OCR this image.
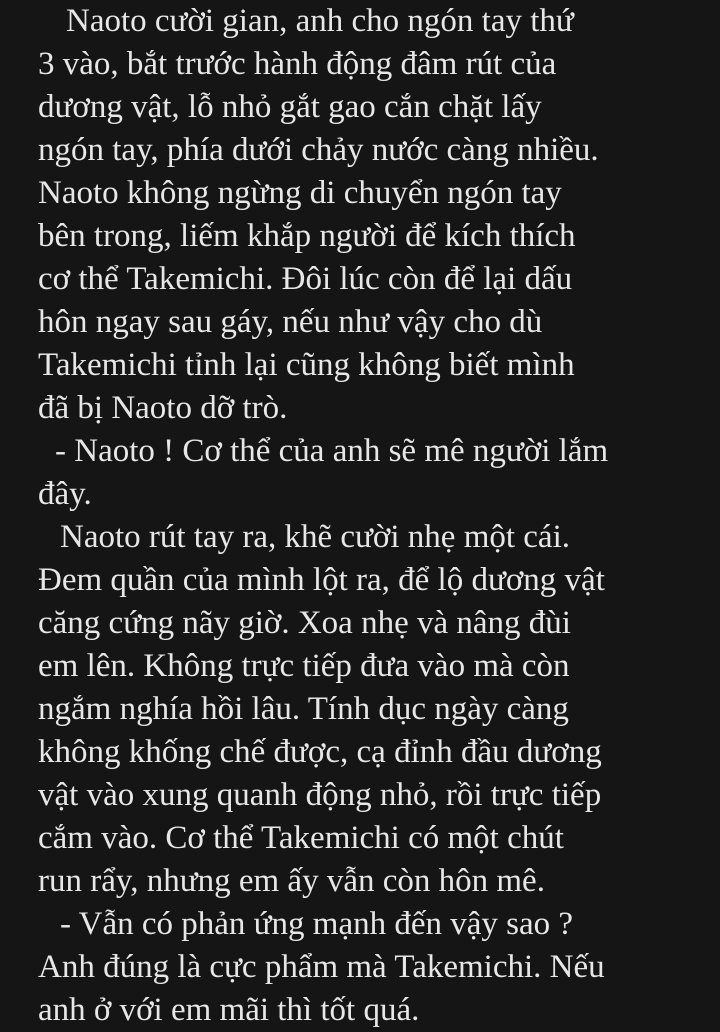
Naoto cười gian, anh cho ngón tay thứ
3 vào, bắt trước hành động đâm rút của
dương vật, lỗ nhỏ gắt gao cắn chặt lấy
ngón tay, phía dưới chảy nước càng nhiều.
Naoto không ngừng di chuyển ngón tay
bên trong, liếm khắp người để kích thích
cơ thể Takemichi. Đôi lúc còn để lại dấu
hôn ngay sau gáy, nếu như vậy cho dù
Takemichi tỉnh lại cũng không biết mình
đã bị Naoto dỡ trò.

- Naoto ! Cơ thể của anh sẽ mê người lắm
đây.

Naoto rút tay ra, khẽ cười nhẹ một cái.
Đem quần của mình lột ra, để lộ dương vật
căng cứng nãy giờ. Xoa nhẹ và nâng đùi
em lên. Không trực tiếp đưa vào mà còn
ngắm nghía hồi lâu. Tính dục ngày càng
không khống chế được, cạ đỉnh đầu dương
vật vào xung quanh động nhỏ, rồi trực tiếp
cắm vào. Cơ thể Takemichi có một chút
run rẩy, nhưng em ấy vẫn còn hôn mê.

- Vẫn có phản ứng mạnh đến vậy sao ?
Anh đúng là cực phẩm mà Takemichi. Nếu
anh ở với em mãi thì tốt quá.
